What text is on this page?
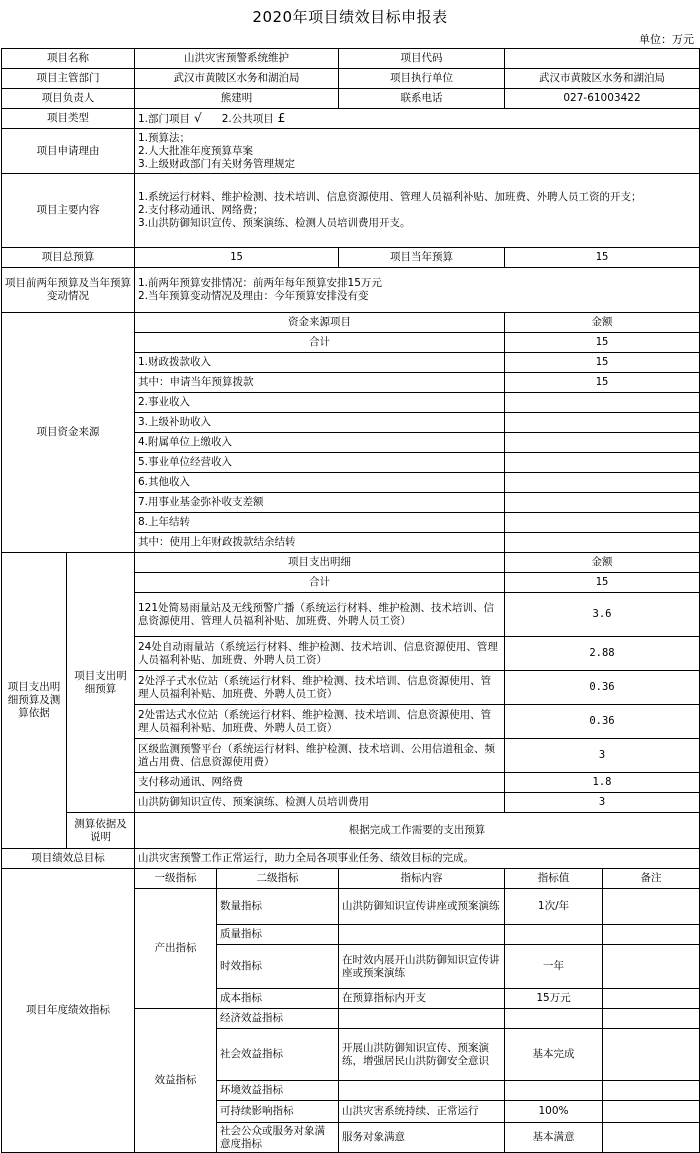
2020年项目绩效目标申报表
单位：万元
项目名称		山洪灾害预警系统维护		项目代码		
项目主管部门		武汉市黄陂区水务和湖泊局		项目执行单位	武汉市黄陂区水务和湖泊局	
项目负责人		熊建明		联系电话	027-61003422	
项目类型		1.部门项目 √ 2.公共项目 £				
项目申请理由		1.预算法；
2.人大批准年度预算草案
3.上级财政部门有关财务管理规定				

项目主要内容		1.系统运行材料、维护检测、技术培训、信息资源使用、管理人员福利补贴、加班费、外聘人员工资的开支；
2.支付移动通讯、网络费；
3.山洪防御知识宣传、预案演练、检测人员培训费用开支。				

项目总预算		15		项目当年预算	15	
项目前两年预算及当年预算变动情况		1.前两年预算安排情况：前两年每年预算安排15万元
2.当年预算变动情况及理由：今年预算安排没有变				

项目资金来源		资金来源项目			金额	
		合计			15	
		1.财政拨款收入			15	
		其中：申请当年预算拨款			15	
		2.事业收入				
		3.上级补助收入				
		4.附属单位上缴收入				
		5.事业单位经营收入				
		6.其他收入				
		7.用事业基金弥补收支差额				
		8.上年结转				
		其中：使用上年财政拨款结余结转				
项目支出明细预算及测算依据	项目支出明细预算	项目支出明细			金额	
		合计			15	
		121处简易雨量站及无线预警广播（系统运行材料、维护检测、技术培训、信息资源使用、管理人员福利补贴、加班费、外聘人员工资）			3.6	
		24处自动雨量站（系统运行材料、维护检测、技术培训、信息资源使用、管理人员福利补贴、加班费、外聘人员工资）			2.88	
		2处浮子式水位站（系统运行材料、维护检测、技术培训、信息资源使用、管理人员福利补贴、加班费、外聘人员工资）			0.36	
		2处雷达式水位站（系统运行材料、维护检测、技术培训、信息资源使用、管理人员福利补贴、加班费、外聘人员工资）			0.36	
		区级监测预警平台（系统运行材料、维护检测、技术培训、公用信道租金、频道占用费、信息资源使用费）			3	
		支付移动通讯、网络费			1.8	
		山洪防御知识宣传、预案演练、检测人员培训费用			3	
	测算依据及说明	根据完成工作需要的支出预算				
项目绩效总目标		山洪灾害预警工作正常运行，助力全局各项事业任务、绩效目标的完成。				
项目年度绩效指标		一级指标	二级指标	指标内容	指标值	备注
		产出指标	数量指标	山洪防御知识宣传讲座或预案演练	1次/年	
			质量指标			
			时效指标	在时效内展开山洪防御知识宣传讲座或预案演练	一年	
			成本指标	在预算指标内开支	15万元	
		效益指标	经济效益指标			
			社会效益指标	开展山洪防御知识宣传、预案演练，增强居民山洪防御安全意识	基本完成	
			环境效益指标			
			可持续影响指标	山洪灾害系统持续、正常运行	100%	
			社会公众或服务对象满意度指标	服务对象满意	基本满意	
